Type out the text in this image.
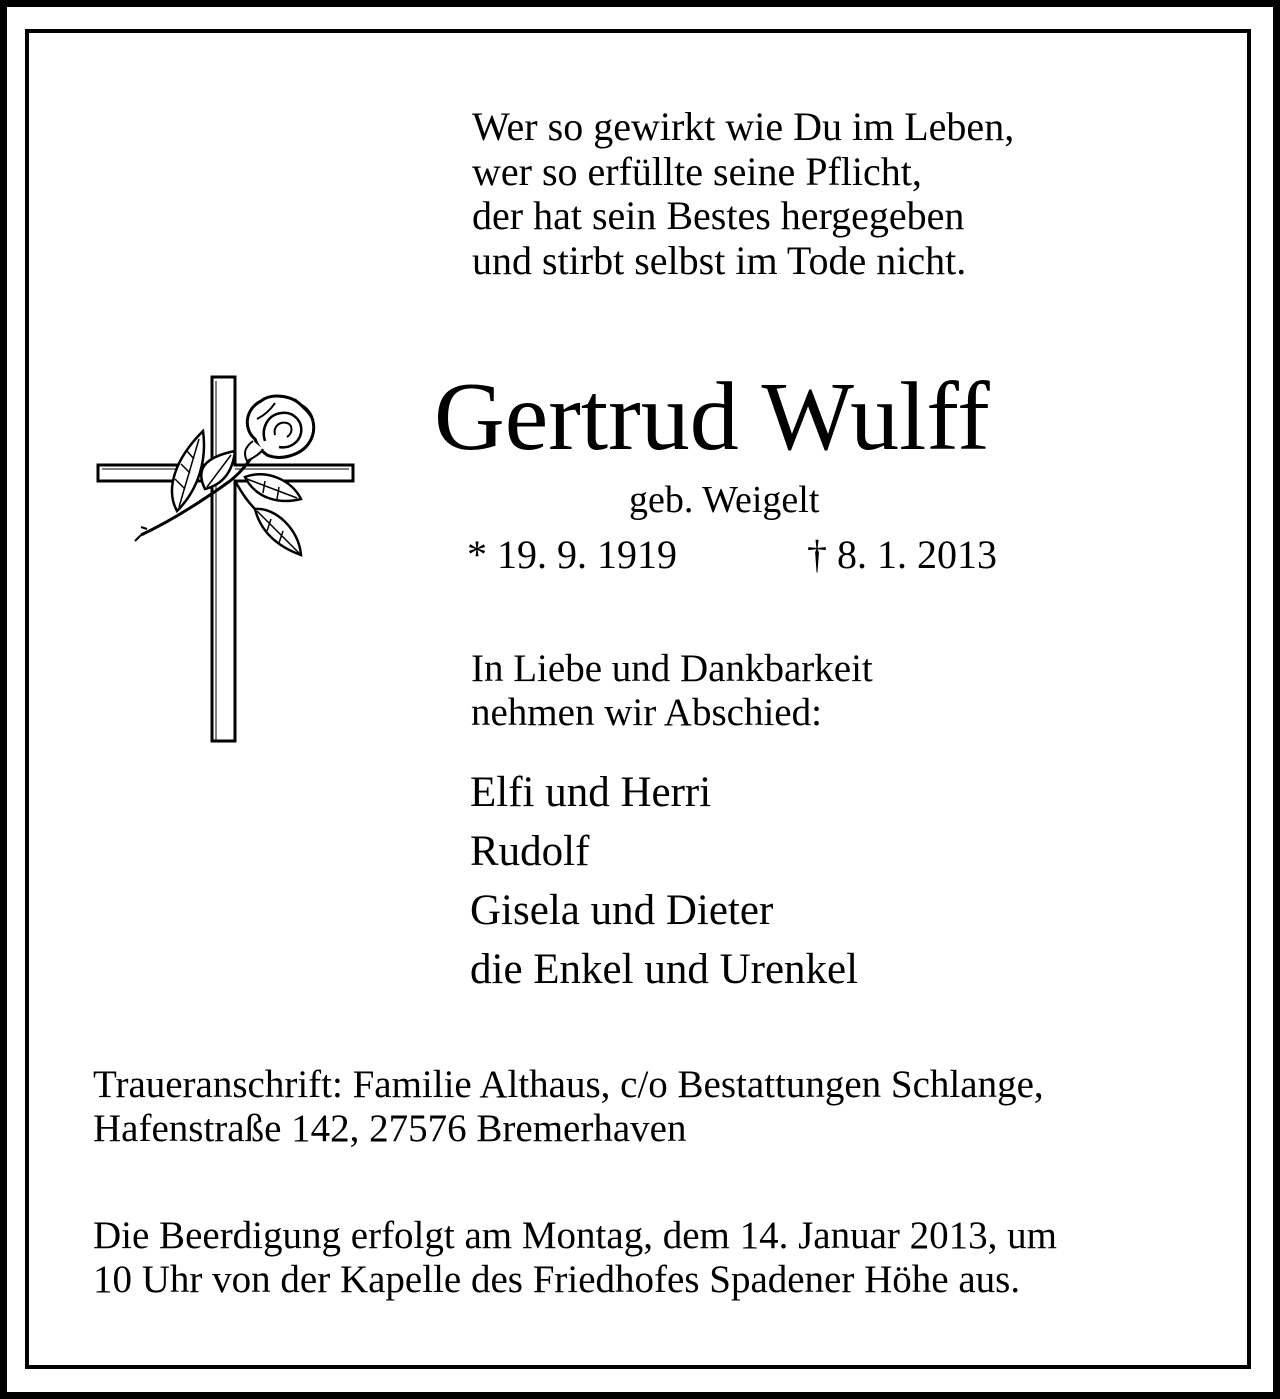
Wer so gewirkt wie Du im Leben,
wer so erfüllte seine Pflicht,
der hat sein Bestes hergegeben
und stirbt selbst im Tode nicht.
Gertrud Wulff
geb. Weigelt
* 19. 9. 1919	† 8. 1. 2013
In Liebe und Dankbarkeit
nehmen wir Abschied:
Elfi und Herri
Rudolf
Gisela und Dieter
die Enkel und Urenkel
Traueranschrift: Familie Althaus, c/o Bestattungen Schlange,
Hafenstraße 142, 27576 Bremerhaven
Die Beerdigung erfolgt am Montag, dem 14. Januar 2013, um
10 Uhr von der Kapelle des Friedhofes Spadener Höhe aus.
